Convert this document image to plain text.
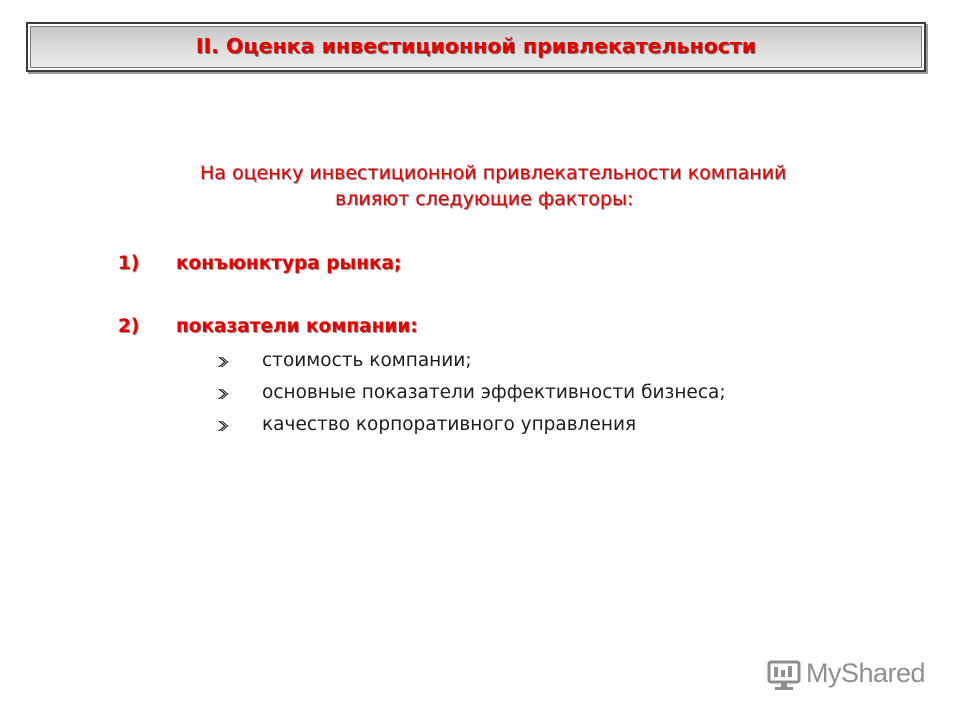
II. Оценка инвестиционной привлекательности
На оценку инвестиционной привлекательности компаний
влияют следующие факторы:
1) конъюнктура рынка;
2) показатели компании:
стоимость компании;
основные показатели эффективности бизнеса;
качество корпоративного управления
MyShared
